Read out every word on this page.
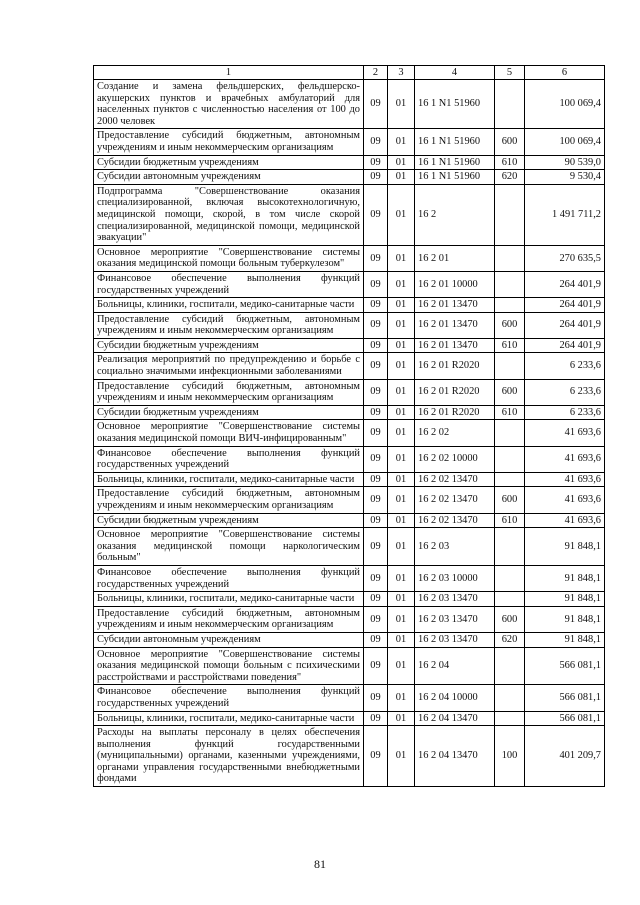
1	2	3	4	5	6
Создание и замена фельдшерских, фельдшерско-акушерских пунктов и врачебных амбулаторий для населенных пунктов с численностью населения от 100 до 2000 человек	09	01	16 1 N1 51960		100 069,4
Предоставление субсидий бюджетным, автономным учреждениям и иным некоммерческим организациям	09	01	16 1 N1 51960	600	100 069,4
Субсидии бюджетным учреждениям	09	01	16 1 N1 51960	610	90 539,0
Субсидии автономным учреждениям	09	01	16 1 N1 51960	620	9 530,4
Подпрограмма "Совершенствование оказания специализированной, включая высокотехнологичную, медицинской помощи, скорой, в том числе скорой специализированной, медицинской помощи, медицинской эвакуации"	09	01	16 2		1 491 711,2
Основное мероприятие "Совершенствование системы оказания медицинской помощи больным туберкулезом"	09	01	16 2 01		270 635,5
Финансовое обеспечение выполнения функций государственных учреждений	09	01	16 2 01 10000		264 401,9
Больницы, клиники, госпитали, медико-санитарные части	09	01	16 2 01 13470		264 401,9
Предоставление субсидий бюджетным, автономным учреждениям и иным некоммерческим организациям	09	01	16 2 01 13470	600	264 401,9
Субсидии бюджетным учреждениям	09	01	16 2 01 13470	610	264 401,9
Реализация мероприятий по предупреждению и борьбе с социально значимыми инфекционными заболеваниями	09	01	16 2 01 R2020		6 233,6
Предоставление субсидий бюджетным, автономным учреждениям и иным некоммерческим организациям	09	01	16 2 01 R2020	600	6 233,6
Субсидии бюджетным учреждениям	09	01	16 2 01 R2020	610	6 233,6
Основное мероприятие "Совершенствование системы оказания медицинской помощи ВИЧ-инфицированным"	09	01	16 2 02		41 693,6
Финансовое обеспечение выполнения функций государственных учреждений	09	01	16 2 02 10000		41 693,6
Больницы, клиники, госпитали, медико-санитарные части	09	01	16 2 02 13470		41 693,6
Предоставление субсидий бюджетным, автономным учреждениям и иным некоммерческим организациям	09	01	16 2 02 13470	600	41 693,6
Субсидии бюджетным учреждениям	09	01	16 2 02 13470	610	41 693,6
Основное мероприятие "Совершенствование системы оказания медицинской помощи наркологическим больным"	09	01	16 2 03		91 848,1
Финансовое обеспечение выполнения функций государственных учреждений	09	01	16 2 03 10000		91 848,1
Больницы, клиники, госпитали, медико-санитарные части	09	01	16 2 03 13470		91 848,1
Предоставление субсидий бюджетным, автономным учреждениям и иным некоммерческим организациям	09	01	16 2 03 13470	600	91 848,1
Субсидии автономным учреждениям	09	01	16 2 03 13470	620	91 848,1
Основное мероприятие "Совершенствование системы оказания медицинской помощи больным с психическими расстройствами и расстройствами поведения"	09	01	16 2 04		566 081,1
Финансовое обеспечение выполнения функций государственных учреждений	09	01	16 2 04 10000		566 081,1
Больницы, клиники, госпитали, медико-санитарные части	09	01	16 2 04 13470		566 081,1
Расходы на выплаты персоналу в целях обеспечения выполнения функций государственными (муниципальными) органами, казенными учреждениями, органами управления государственными внебюджетными фондами	09	01	16 2 04 13470	100	401 209,7
81
